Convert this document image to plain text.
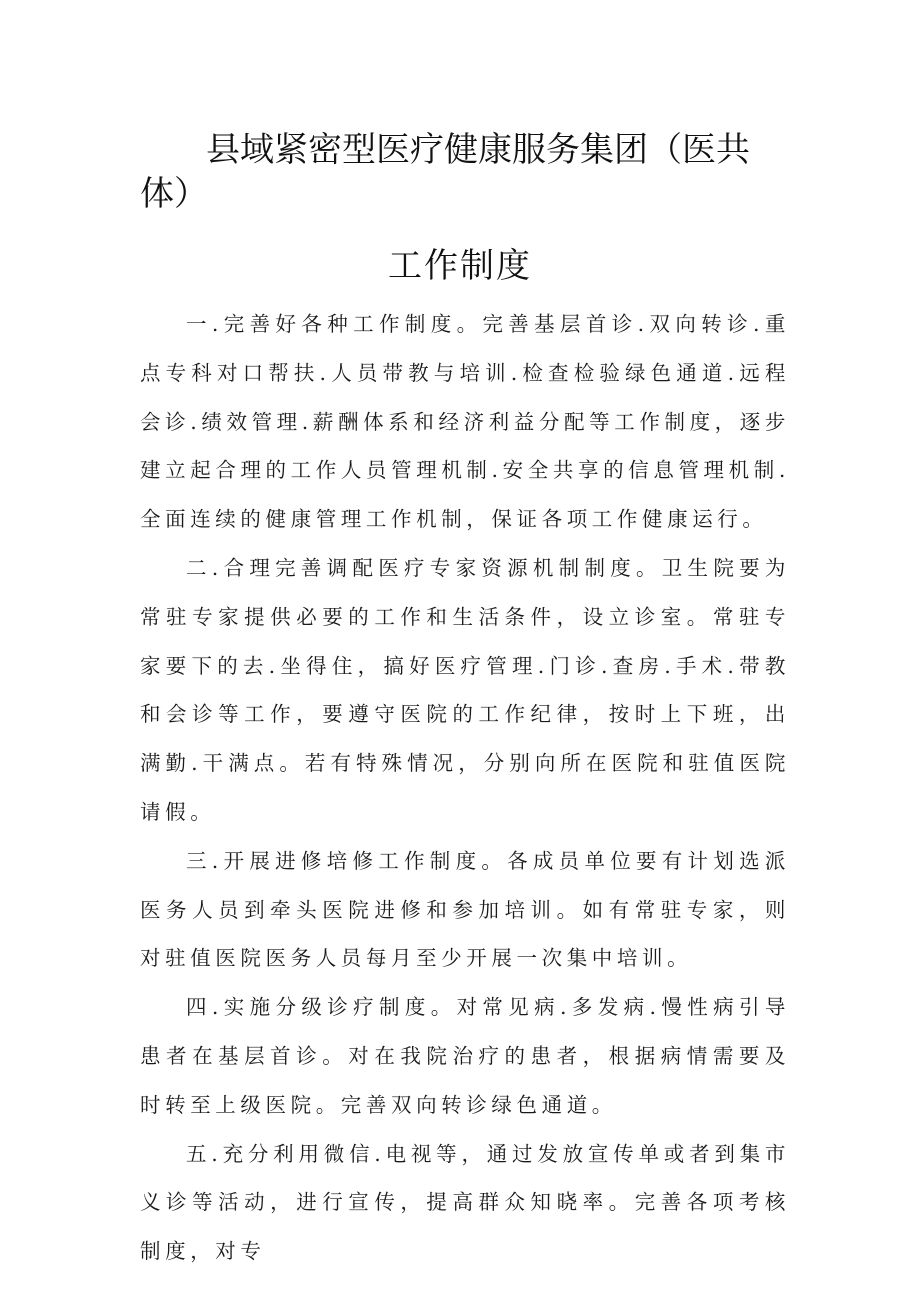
县域紧密型医疗健康服务集团（医共体）
工作制度

一.完善好各种工作制度。完善基层首诊.双向转诊.重点专科对口帮扶.人员带教与培训.检查检验绿色通道.远程会诊.绩效管理.薪酬体系和经济利益分配等工作制度，逐步建立起合理的工作人员管理机制.安全共享的信息管理机制.全面连续的健康管理工作机制，保证各项工作健康运行。

二.合理完善调配医疗专家资源机制制度。卫生院要为常驻专家提供必要的工作和生活条件，设立诊室。常驻专家要下的去.坐得住，搞好医疗管理.门诊.查房.手术.带教和会诊等工作，要遵守医院的工作纪律，按时上下班，出满勤.干满点。若有特殊情况，分别向所在医院和驻值医院请假。

三.开展进修培修工作制度。各成员单位要有计划选派医务人员到牵头医院进修和参加培训。如有常驻专家，则对驻值医院医务人员每月至少开展一次集中培训。

四.实施分级诊疗制度。对常见病.多发病.慢性病引导患者在基层首诊。对在我院治疗的患者，根据病情需要及时转至上级医院。完善双向转诊绿色通道。

五.充分利用微信.电视等，通过发放宣传单或者到集市义诊等活动，进行宣传，提高群众知晓率。完善各项考核制度，对专
